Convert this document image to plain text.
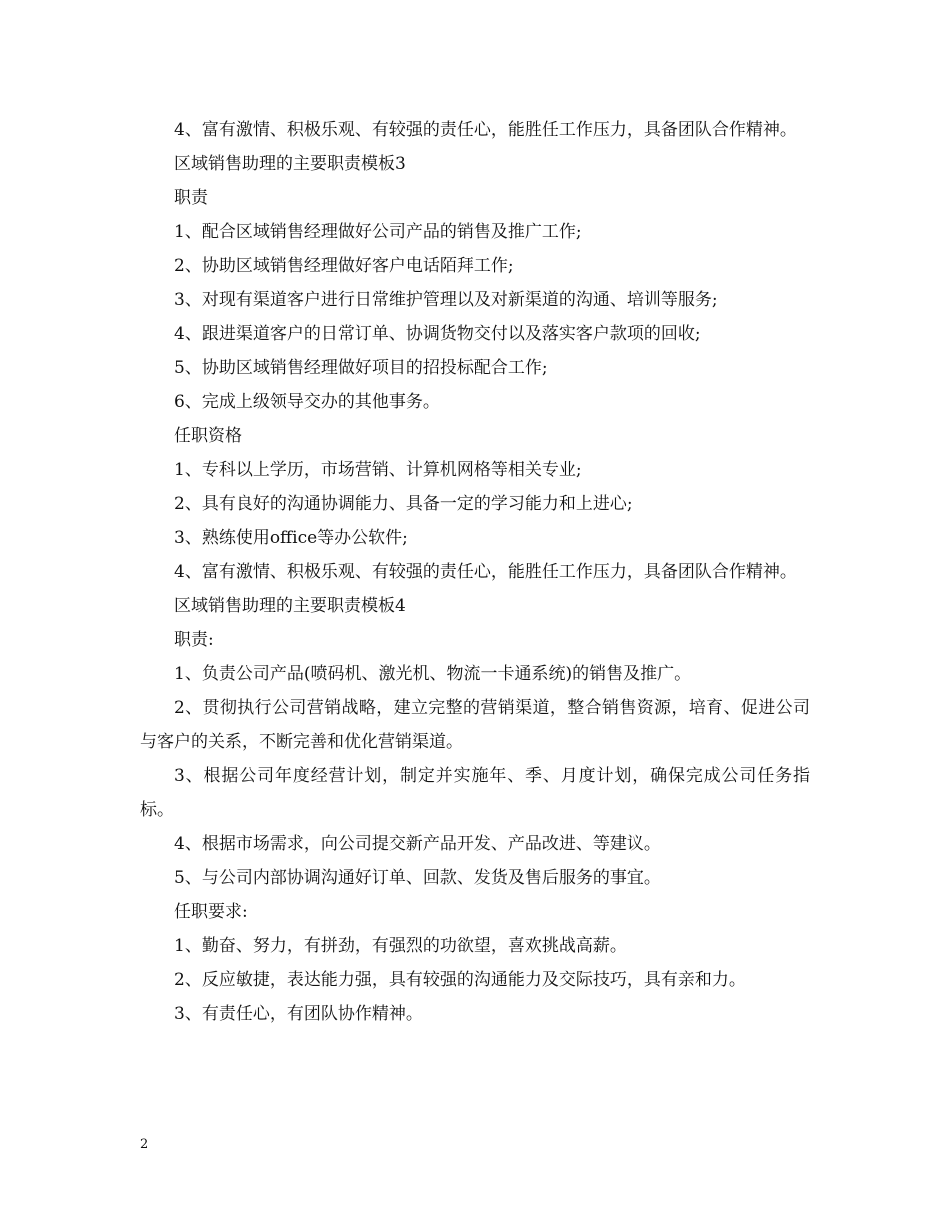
4、富有激情、积极乐观、有较强的责任心，能胜任工作压力，具备团队合作精神。

区域销售助理的主要职责模板3

职责

1、配合区域销售经理做好公司产品的销售及推广工作;

2、协助区域销售经理做好客户电话陌拜工作;

3、对现有渠道客户进行日常维护管理以及对新渠道的沟通、培训等服务;

4、跟进渠道客户的日常订单、协调货物交付以及落实客户款项的回收;

5、协助区域销售经理做好项目的招投标配合工作;

6、完成上级领导交办的其他事务。

任职资格

1、专科以上学历，市场营销、计算机网格等相关专业;

2、具有良好的沟通协调能力、具备一定的学习能力和上进心;

3、熟练使用office等办公软件;

4、富有激情、积极乐观、有较强的责任心，能胜任工作压力，具备团队合作精神。

区域销售助理的主要职责模板4

职责:

1、负责公司产品(喷码机、激光机、物流一卡通系统)的销售及推广。

2、贯彻执行公司营销战略，建立完整的营销渠道，整合销售资源，培育、促进公司与客户的关系，不断完善和优化营销渠道。

3、根据公司年度经营计划，制定并实施年、季、月度计划，确保完成公司任务指标。

4、根据市场需求，向公司提交新产品开发、产品改进、等建议。

5、与公司内部协调沟通好订单、回款、发货及售后服务的事宜。

任职要求:

1、勤奋、努力，有拼劲，有强烈的功欲望，喜欢挑战高薪。

2、反应敏捷，表达能力强，具有较强的沟通能力及交际技巧，具有亲和力。

3、有责任心，有团队协作精神。

2
